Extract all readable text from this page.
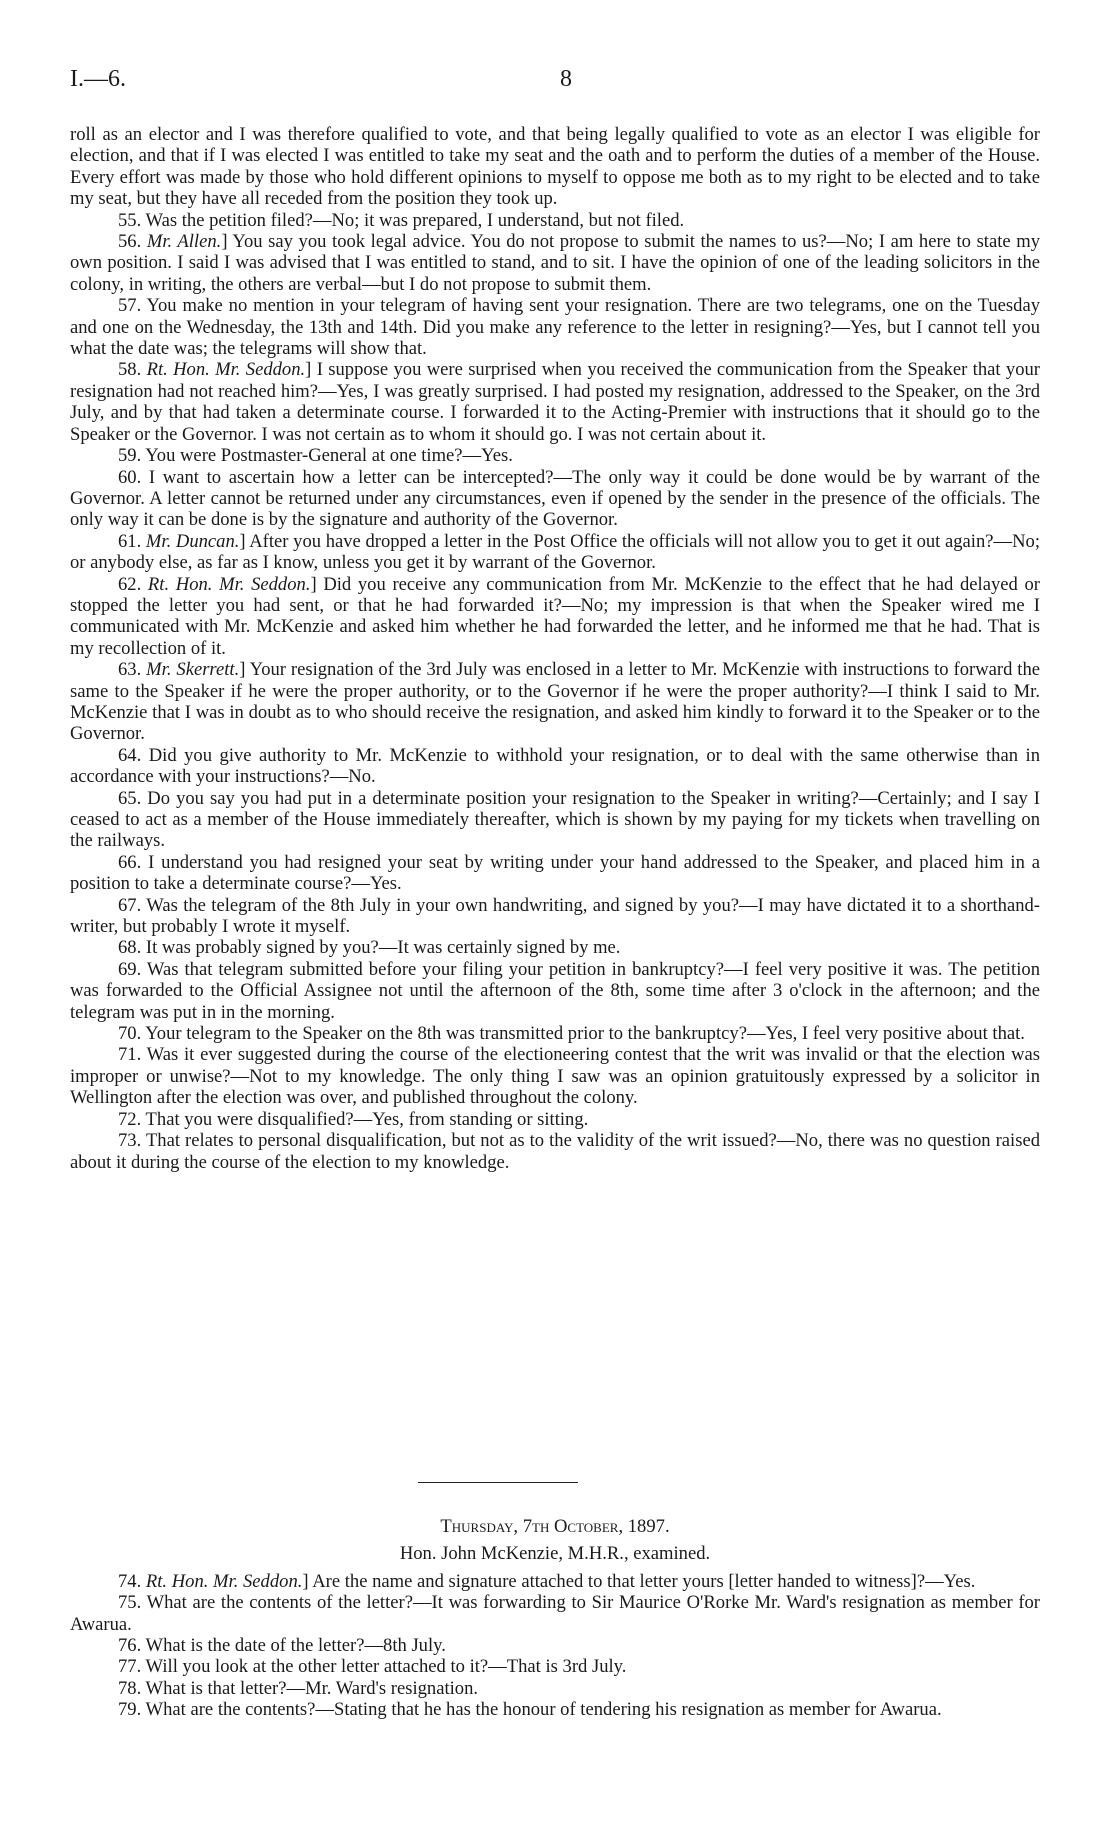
I.—6.	8

roll as an elector and I was therefore qualified to vote, and that being legally qualified to vote as an elector I was eligible for election, and that if I was elected I was entitled to take my seat and the oath and to perform the duties of a member of the House. Every effort was made by those who hold different opinions to myself to oppose me both as to my right to be elected and to take my seat, but they have all receded from the position they took up.

55. Was the petition filed?—No; it was prepared, I understand, but not filed.

56. Mr. Allen.] You say you took legal advice. You do not propose to submit the names to us?—No; I am here to state my own position. I said I was advised that I was entitled to stand, and to sit. I have the opinion of one of the leading solicitors in the colony, in writing, the others are verbal—but I do not propose to submit them.

57. You make no mention in your telegram of having sent your resignation. There are two telegrams, one on the Tuesday and one on the Wednesday, the 13th and 14th. Did you make any reference to the letter in resigning?—Yes, but I cannot tell you what the date was; the telegrams will show that.

58. Rt. Hon. Mr. Seddon.] I suppose you were surprised when you received the communication from the Speaker that your resignation had not reached him?—Yes, I was greatly surprised. I had posted my resignation, addressed to the Speaker, on the 3rd July, and by that had taken a determinate course. I forwarded it to the Acting-Premier with instructions that it should go to the Speaker or the Governor. I was not certain as to whom it should go. I was not certain about it.

59. You were Postmaster-General at one time?—Yes.

60. I want to ascertain how a letter can be intercepted?—The only way it could be done would be by warrant of the Governor. A letter cannot be returned under any circumstances, even if opened by the sender in the presence of the officials. The only way it can be done is by the signature and authority of the Governor.

61. Mr. Duncan.] After you have dropped a letter in the Post Office the officials will not allow you to get it out again?—No; or anybody else, as far as I know, unless you get it by warrant of the Governor.

62. Rt. Hon. Mr. Seddon.] Did you receive any communication from Mr. McKenzie to the effect that he had delayed or stopped the letter you had sent, or that he had forwarded it?—No; my impression is that when the Speaker wired me I communicated with Mr. McKenzie and asked him whether he had forwarded the letter, and he informed me that he had. That is my recollection of it.

63. Mr. Skerrett.] Your resignation of the 3rd July was enclosed in a letter to Mr. McKenzie with instructions to forward the same to the Speaker if he were the proper authority, or to the Governor if he were the proper authority?—I think I said to Mr. McKenzie that I was in doubt as to who should receive the resignation, and asked him kindly to forward it to the Speaker or to the Governor.

64. Did you give authority to Mr. McKenzie to withhold your resignation, or to deal with the same otherwise than in accordance with your instructions?—No.

65. Do you say you had put in a determinate position your resignation to the Speaker in writing?—Certainly; and I say I ceased to act as a member of the House immediately thereafter, which is shown by my paying for my tickets when travelling on the railways.

66. I understand you had resigned your seat by writing under your hand addressed to the Speaker, and placed him in a position to take a determinate course?—Yes.

67. Was the telegram of the 8th July in your own handwriting, and signed by you?—I may have dictated it to a shorthand-writer, but probably I wrote it myself.

68. It was probably signed by you?—It was certainly signed by me.

69. Was that telegram submitted before your filing your petition in bankruptcy?—I feel very positive it was. The petition was forwarded to the Official Assignee not until the afternoon of the 8th, some time after 3 o'clock in the afternoon; and the telegram was put in in the morning.

70. Your telegram to the Speaker on the 8th was transmitted prior to the bankruptcy?—Yes, I feel very positive about that.

71. Was it ever suggested during the course of the electioneering contest that the writ was invalid or that the election was improper or unwise?—Not to my knowledge. The only thing I saw was an opinion gratuitously expressed by a solicitor in Wellington after the election was over, and published throughout the colony.

72. That you were disqualified?—Yes, from standing or sitting.

73. That relates to personal disqualification, but not as to the validity of the writ issued?—No, there was no question raised about it during the course of the election to my knowledge.

Thursday, 7th October, 1897.

Hon. John McKenzie, M.H.R., examined.

74. Rt. Hon. Mr. Seddon.] Are the name and signature attached to that letter yours [letter handed to witness]?—Yes.

75. What are the contents of the letter?—It was forwarding to Sir Maurice O'Rorke Mr. Ward's resignation as member for Awarua.

76. What is the date of the letter?—8th July.

77. Will you look at the other letter attached to it?—That is 3rd July.

78. What is that letter?—Mr. Ward's resignation.

79. What are the contents?—Stating that he has the honour of tendering his resignation as member for Awarua.
